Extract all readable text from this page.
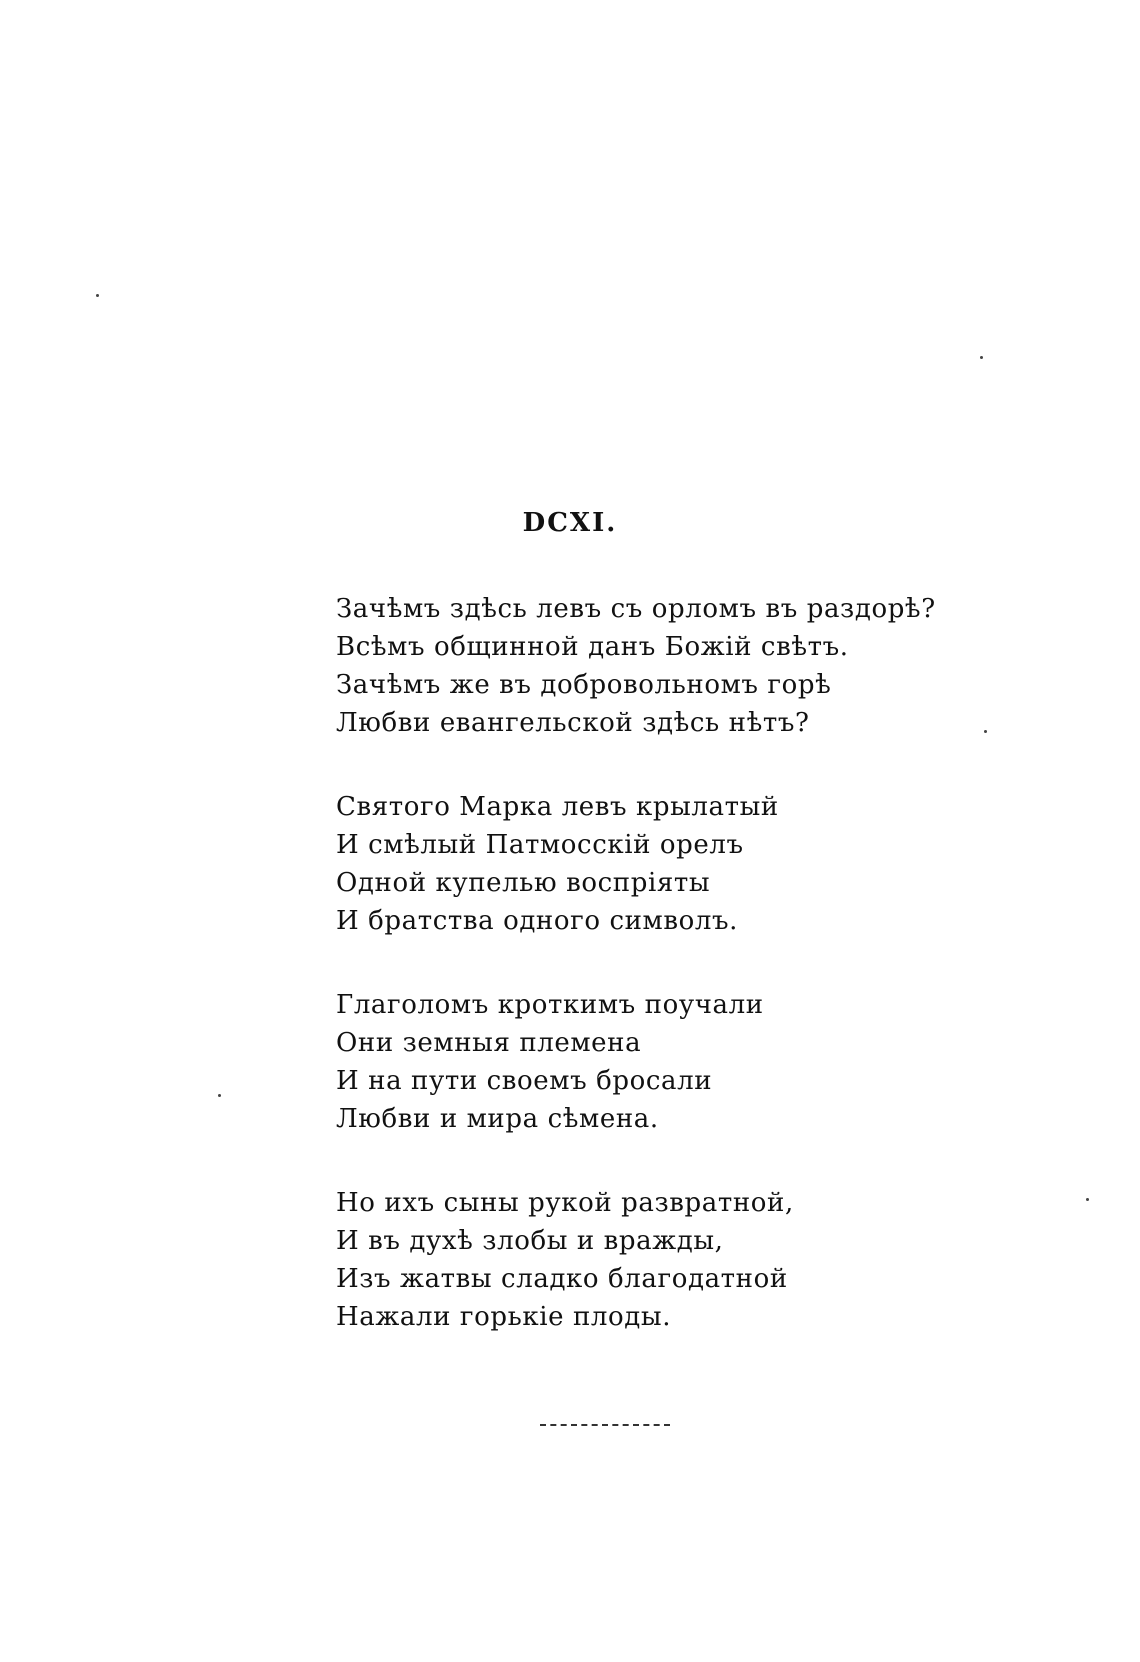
DCXI.
Зачѣмъ здѣсь левъ съ орломъ въ раздорѣ?
Всѣмъ общинной данъ Божій свѣтъ.
Зачѣмъ же въ добровольномъ горѣ
Любви евангельской здѣсь нѣтъ?
Святого Марка левъ крылатый
И смѣлый Патмосскій орелъ
Одной купелью воспріяты
И братства одного символъ.
Глаголомъ кроткимъ поучали
Они земныя племена
И на пути своемъ бросали
Любви и мира сѣмена.
Но ихъ сыны рукой развратной,
И въ духѣ злобы и вражды,
Изъ жатвы сладко благодатной
Нажали горькіе плоды.
